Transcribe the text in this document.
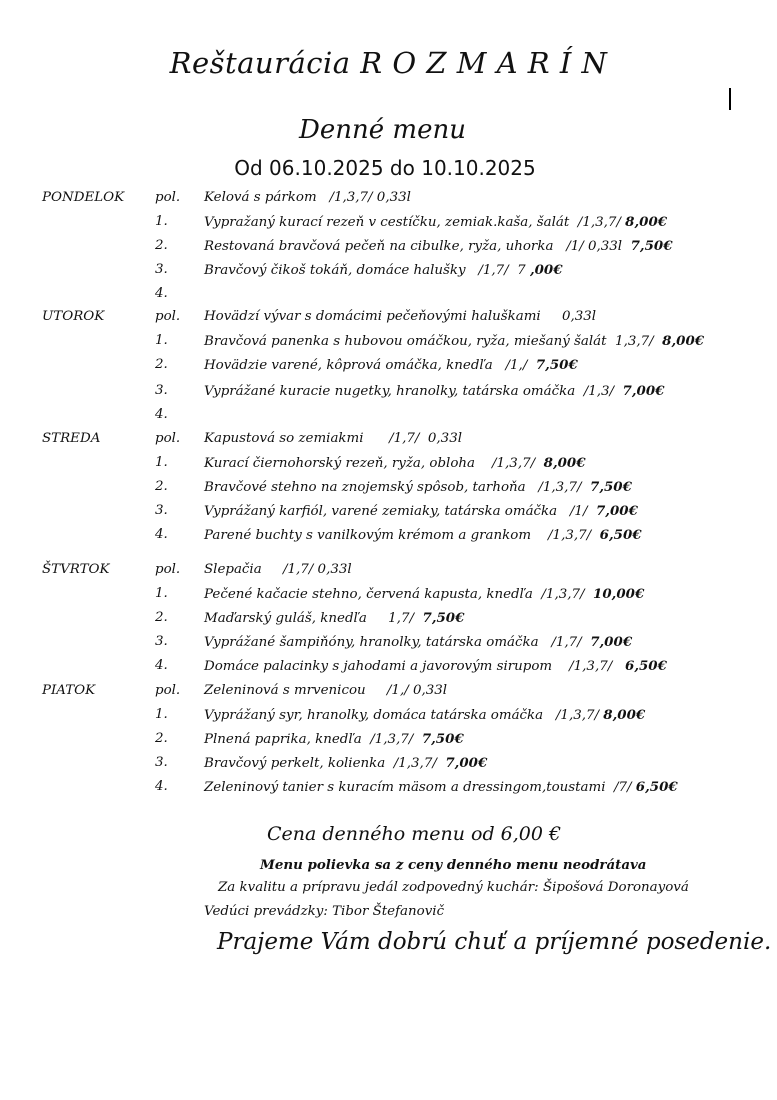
Reštaurácia R O Z M A R Í N
Denné menu
Od 06.10.2025 do 10.10.2025
PONDELOK pol. Kelová s párkom   /1,3,7/ 0,33l
1.	Vypražaný kurací rezeň v cestíčku, zemiak.kaša, šalát  /1,3,7/ 8,00€
2.	Restovaná bravčová pečeň na cibulke, ryža, uhorka   /1/ 0,33l  7,50€
3.	Bravčový čikoš tokáň, domáce halušky   /1,7/  7 ,00€
4.
UTOROK	pol. Hovädzí vývar s domácimi pečeňovými haluškami     0,33l
1.	Bravčová panenka s hubovou omáčkou, ryža, miešaný šalát  1,3,7/  8,00€
2.	Hovädzie varené, kôprová omáčka, knedľa   /1,/  7,50€
3.	Vyprážané kuracie nugetky, hranolky, tatárska omáčka  /1,3/  7,00€
4.
STREDA	pol. Kapustová so zemiakmi      /1,7/  0,33l
1.	Kurací čiernohorský rezeň, ryža, obloha    /1,3,7/  8,00€
2.	Bravčové stehno na znojemský spôsob, tarhoňa   /1,3,7/  7,50€
3.	Vyprážaný karfiól, varené zemiaky, tatárska omáčka   /1/  7,00€
4.	Parené buchty s vanilkovým krémom a grankom    /1,3,7/  6,50€
ŠTVRTOK	pol. Slepačia     /1,7/ 0,33l
1.	Pečené kačacie stehno, červená kapusta, knedľa  /1,3,7/  10,00€
2.	Maďarský guláš, knedľa     1,7/  7,50€
3.	Vyprážané šampiňóny, hranolky, tatárska omáčka   /1,7/  7,00€
4.	Domáce palacinky s jahodami a javorovým sirupom    /1,3,7/   6,50€
PIATOK	pol. Zeleninová s mrvenicou     /1,/ 0,33l
1.	Vyprážaný syr, hranolky, domáca tatárska omáčka   /1,3,7/ 8,00€
2.	Plnená paprika, knedľa  /1,3,7/  7,50€
3.	Bravčový perkelt, kolienka  /1,3,7/  7,00€
4.	Zeleninový tanier s kuracím mäsom a dressingom,toustami  /7/ 6,50€
Cena denného menu od 6,00 €
Menu polievka sa z ceny denného menu neodrátava
Za kvalitu a prípravu jedál zodpovedný kuchár: Šipošová Doronayová
Vedúci prevádzky: Tibor Štefanovič
Prajeme Vám dobrú chuť a príjemné posedenie.
